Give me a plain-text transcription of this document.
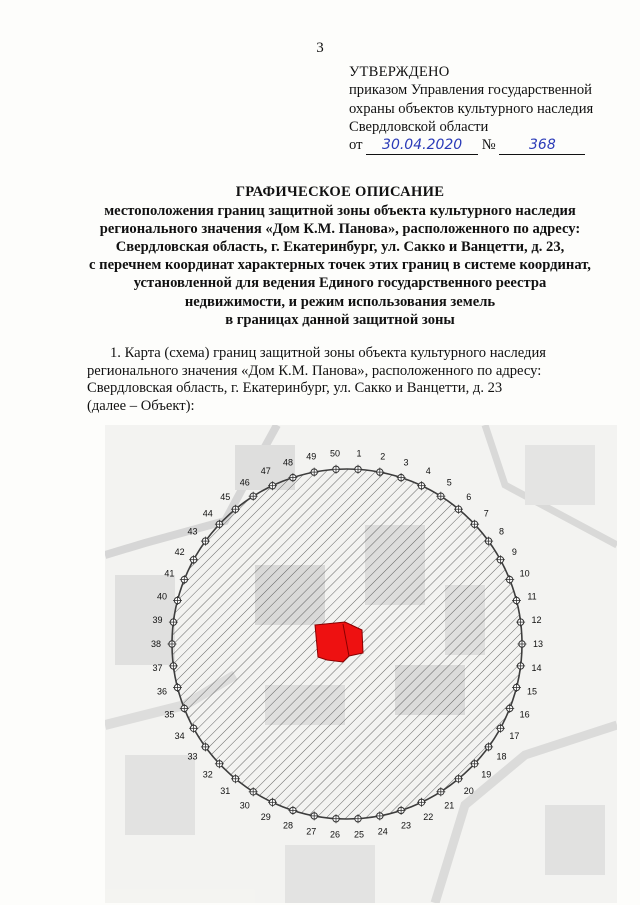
3
УТВЕРЖДЕНО
приказом Управления государственной
охраны объектов культурного наследия
Свердловской области
от 30.04.2020 № 368
ГРАФИЧЕСКОЕ ОПИСАНИЕ
местоположения границ защитной зоны объекта культурного наследия
регионального значения «Дом К.М. Панова», расположенного по адресу:
Свердловская область, г. Екатеринбург, ул. Сакко и Ванцетти, д. 23,
с перечнем координат характерных точек этих границ в системе координат,
установленной для ведения Единого государственного реестра
недвижимости, и режим использования земель
в границах данной защитной зоны
1. Карта (схема) границ защитной зоны объекта культурного наследия
регионального значения «Дом К.М. Панова», расположенного по адресу:
Свердловская область, г. Екатеринбург, ул. Сакко и Ванцетти, д. 23
(далее – Объект):
1 2
3
4
5
6
7
8
9
10
11
12
13
14
15
16
17
18
19
20
21
22
23
24
25
26
27
28
29
30
31
32
33
34
35
36
37
38
39
40
41
42
43
44
45
46
47
48
49 50
